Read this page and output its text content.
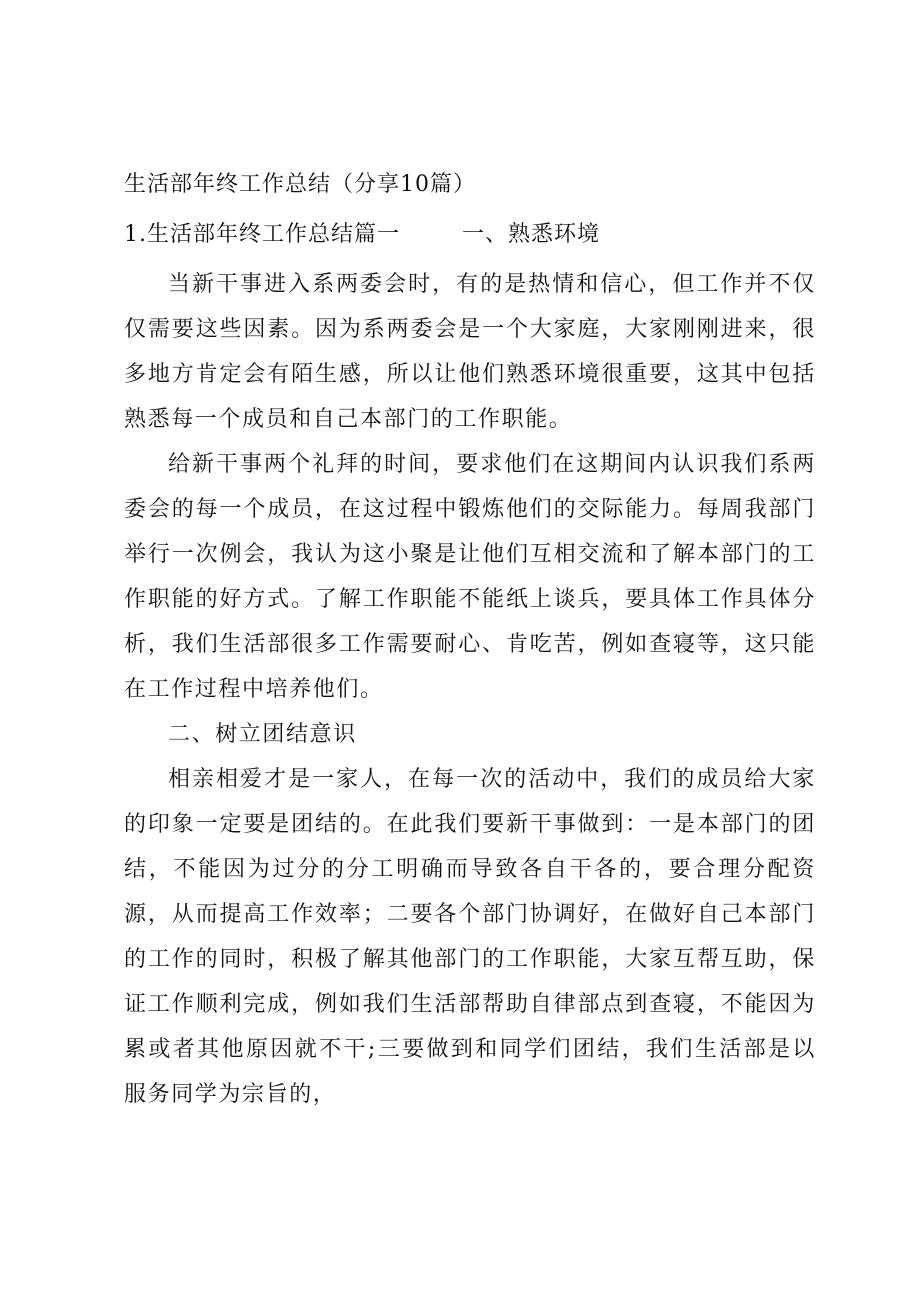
生活部年终工作总结（分享10篇）
1.生活部年终工作总结篇一	一、熟悉环境

当新干事进入系两委会时，有的是热情和信心，但工作并不仅仅需要这些因素。因为系两委会是一个大家庭，大家刚刚进来，很多地方肯定会有陌生感，所以让他们熟悉环境很重要，这其中包括熟悉每一个成员和自己本部门的工作职能。

给新干事两个礼拜的时间，要求他们在这期间内认识我们系两委会的每一个成员，在这过程中锻炼他们的交际能力。每周我部门举行一次例会，我认为这小聚是让他们互相交流和了解本部门的工作职能的好方式。了解工作职能不能纸上谈兵，要具体工作具体分析，我们生活部很多工作需要耐心、肯吃苦，例如查寝等，这只能在工作过程中培养他们。

二、树立团结意识

相亲相爱才是一家人，在每一次的活动中，我们的成员给大家的印象一定要是团结的。在此我们要新干事做到：一是本部门的团结，不能因为过分的分工明确而导致各自干各的，要合理分配资源，从而提高工作效率；二要各个部门协调好，在做好自己本部门的工作的同时，积极了解其他部门的工作职能，大家互帮互助，保证工作顺利完成，例如我们生活部帮助自律部点到查寝，不能因为累或者其他原因就不干;三要做到和同学们团结，我们生活部是以服务同学为宗旨的，
